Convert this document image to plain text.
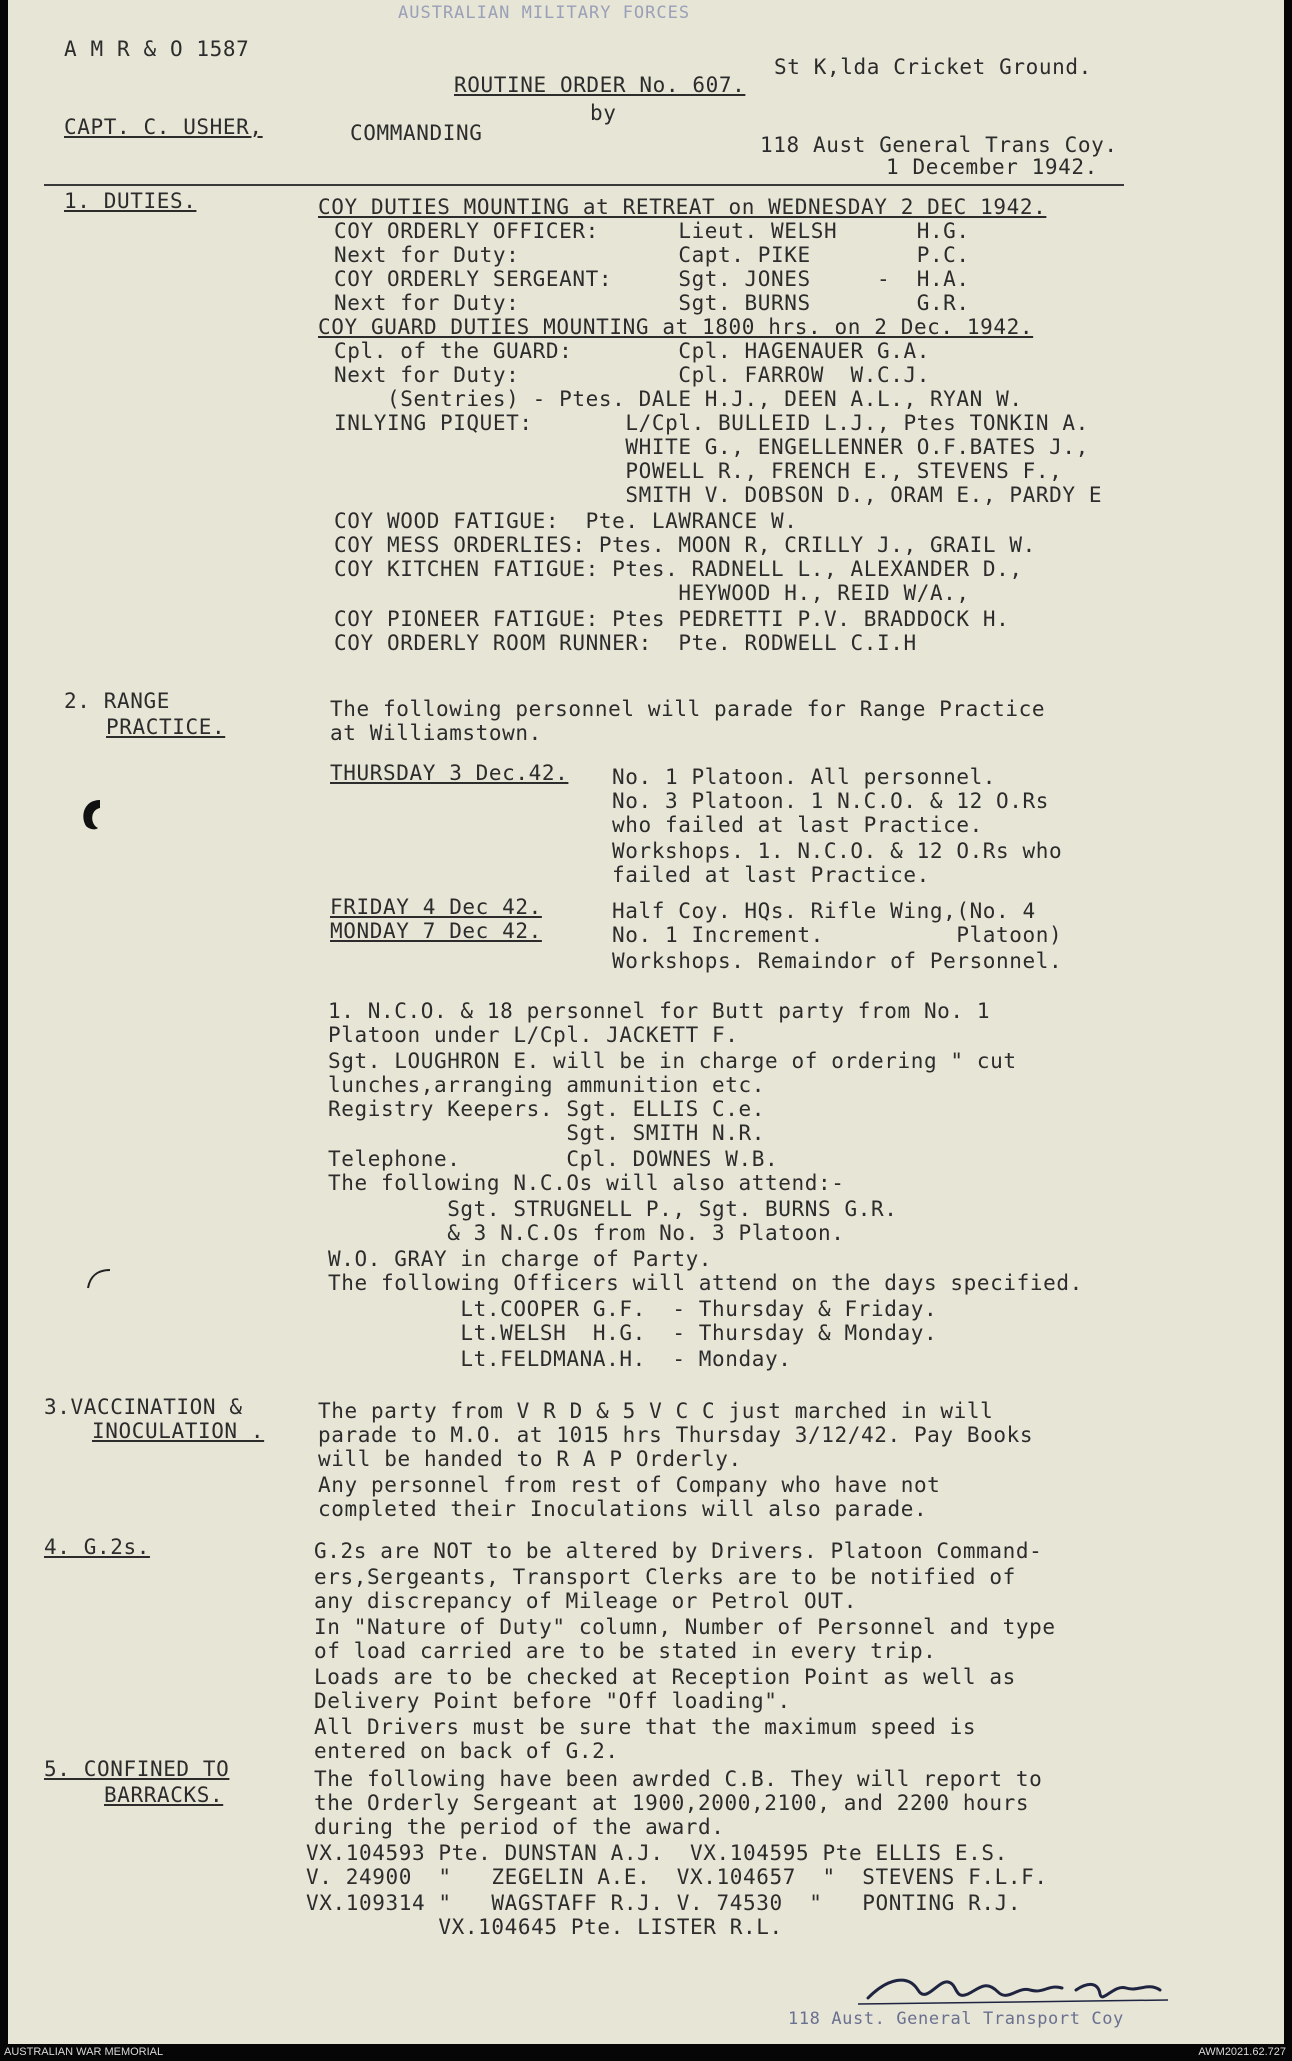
A M R & O 1587
AUSTRALIAN MILITARY FORCES
St K,lda Cricket Ground.
ROUTINE ORDER No. 607.
by
CAPT. C. USHER,	COMMANDING	118 Aust General Trans Coy.
1 December 1942.
1. DUTIES.	COY DUTIES MOUNTING at RETREAT on WEDNESDAY 2 DEC 1942.
COY ORDERLY OFFICER:      Lieut. WELSH      H.G.
Next for Duty:            Capt. PIKE        P.C.
COY ORDERLY SERGEANT:     Sgt. JONES     -  H.A.
Next for Duty:            Sgt. BURNS        G.R.
COY GUARD DUTIES MOUNTING at 1800 hrs. on 2 Dec. 1942.
Cpl. of the GUARD:        Cpl. HAGENAUER G.A.
Next for Duty:            Cpl. FARROW  W.C.J.
(Sentries) - Ptes. DALE H.J., DEEN A.L., RYAN W.
INLYING PIQUET:       L/Cpl. BULLEID L.J., Ptes TONKIN A.
WHITE G., ENGELLENNER O.F.BATES J.,
POWELL R., FRENCH E., STEVENS F.,
SMITH V. DOBSON D., ORAM E., PARDY E
COY WOOD FATIGUE:  Pte. LAWRANCE W.
COY MESS ORDERLIES: Ptes. MOON R, CRILLY J., GRAIL W.
COY KITCHEN FATIGUE: Ptes. RADNELL L., ALEXANDER D.,
HEYWOOD H., REID W/A.,
COY PIONEER FATIGUE: Ptes PEDRETTI P.V. BRADDOCK H.
COY ORDERLY ROOM RUNNER:  Pte. RODWELL C.I.H
2. RANGE
PRACTICE.
The following personnel will parade for Range Practice
at Williamstown.
THURSDAY 3 Dec.42. No. 1 Platoon. All personnel.
No. 3 Platoon. 1 N.C.O. & 12 O.Rs
who failed at last Practice.
Workshops. 1. N.C.O. & 12 O.Rs who
failed at last Practice.
FRIDAY 4 Dec 42.
MONDAY 7 Dec 42.
Half Coy. HQs. Rifle Wing,(No. 4
No. 1 Increment.          Platoon)
Workshops. Remaindor of Personnel.
1. N.C.O. & 18 personnel for Butt party from No. 1
Platoon under L/Cpl. JACKETT F.
Sgt. LOUGHRON E. will be in charge of ordering " cut
lunches,arranging ammunition etc.
Registry Keepers. Sgt. ELLIS C.e.
Sgt. SMITH N.R.
Telephone.        Cpl. DOWNES W.B.
The following N.C.Os will also attend:-
Sgt. STRUGNELL P., Sgt. BURNS G.R.
& 3 N.C.Os from No. 3 Platoon.
W.O. GRAY in charge of Party.
The following Officers will attend on the days specified.
Lt.COOPER G.F.  - Thursday & Friday.
Lt.WELSH  H.G.  - Thursday & Monday.
Lt.FELDMANA.H.  - Monday.
3.VACCINATION &
INOCULATION .
The party from V R D & 5 V C C just marched in will
parade to M.O. at 1015 hrs Thursday 3/12/42. Pay Books
will be handed to R A P Orderly.
Any personnel from rest of Company who have not
completed their Inoculations will also parade.
4. G.2s.	G.2s are NOT to be altered by Drivers. Platoon Command-
ers,Sergeants, Transport Clerks are to be notified of
any discrepancy of Mileage or Petrol OUT.
In "Nature of Duty" column, Number of Personnel and type
of load carried are to be stated in every trip.
Loads are to be checked at Reception Point as well as
Delivery Point before "Off loading".
All Drivers must be sure that the maximum speed is
entered on back of G.2.
5. CONFINED TO
BARRACKS.
The following have been awrded C.B. They will report to
the Orderly Sergeant at 1900,2000,2100, and 2200 hours
during the period of the award.
VX.104593 Pte. DUNSTAN A.J.  VX.104595 Pte ELLIS E.S.
V. 24900  "   ZEGELIN A.E.  VX.104657  "  STEVENS F.L.F.
VX.109314 "   WAGSTAFF R.J. V. 74530  "   PONTING R.J.
VX.104645 Pte. LISTER R.L.
118 Aust. General Transport Coy
AUSTRALIAN WAR MEMORIAL	AWM2021.62.727
